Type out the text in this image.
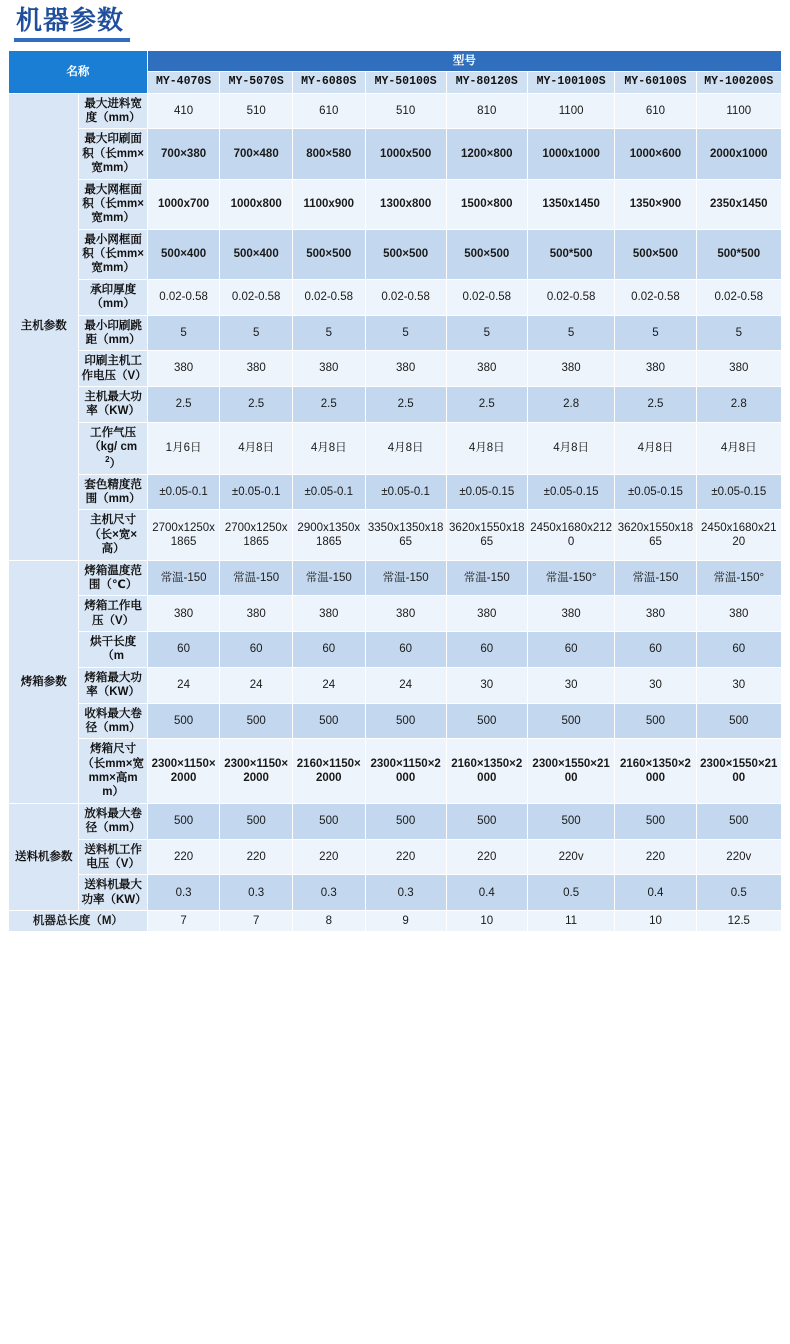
机器参数
名称		型号							
		MY-4070S	MY-5070S	MY-6080S	MY-50100S	MY-80120S	MY-100100S	MY-60100S	MY-100200S
主机参数	最大进料宽度（mm）	410	510	610	510	810	1100	610	1100
	最大印刷面积（长mm×宽mm）	700×380	700×480	800×580	1000x500	1200×800	1000x1000	1000×600	2000x1000
	最大网框面积（长mm×宽mm）	1000x700	1000x800	1100x900	1300x800	1500×800	1350x1450	1350×900	2350x1450
	最小网框面积（长mm×宽mm）	500×400	500×400	500×500	500×500	500×500	500*500	500×500	500*500
	承印厚度（mm）	0.02-0.58	0.02-0.58	0.02-0.58	0.02-0.58	0.02-0.58	0.02-0.58	0.02-0.58	0.02-0.58
	最小印刷跳距（mm）	5	5	5	5	5	5	5	5
	印刷主机工作电压（V）	380	380	380	380	380	380	380	380
	主机最大功率（KW）	2.5	2.5	2.5	2.5	2.5	2.8	2.5	2.8
	工作气压（kg/ $cm^2$）	1月6日	4月8日	4月8日	4月8日	4月8日	4月8日	4月8日	4月8日
	套色精度范围（mm）	±0.05-0.1	±0.05-0.1	±0.05-0.1	±0.05-0.1	±0.05-0.15	±0.05-0.15	±0.05-0.15	±0.05-0.15
	主机尺寸（长×宽×高）	2700x1250x1865	2700x1250x1865	2900x1350x1865	3350x1350x1865	3620x1550x1865	2450x1680x2120	3620x1550x1865	2450x1680x2120
烤箱参数	烤箱温度范围（℃）	常温-150	常温-150	常温-150	常温-150	常温-150	常温-150°	常温-150	常温-150°
	烤箱工作电压（V）	380	380	380	380	380	380	380	380
	烘干长度（m	60	60	60	60	60	60	60	60
	烤箱最大功率（KW）	24	24	24	24	30	30	30	30
	收料最大卷径（mm）	500	500	500	500	500	500	500	500
	烤箱尺寸（长mm×宽mm×高mm）	2300×1150×2000	2300×1150×2000	2160×1150×2000	2300×1150×2000	2160×1350×2000	2300×1550×2100	2160×1350×2000	2300×1550×2100
送料机参数	放料最大卷径（mm）	500	500	500	500	500	500	500	500
	送料机工作电压（V）	220	220	220	220	220	220v	220	220v
	送料机最大功率（KW）	0.3	0.3	0.3	0.3	0.4	0.5	0.4	0.5
机器总长度（M）		7	7	8	9	10	11	10	12.5
